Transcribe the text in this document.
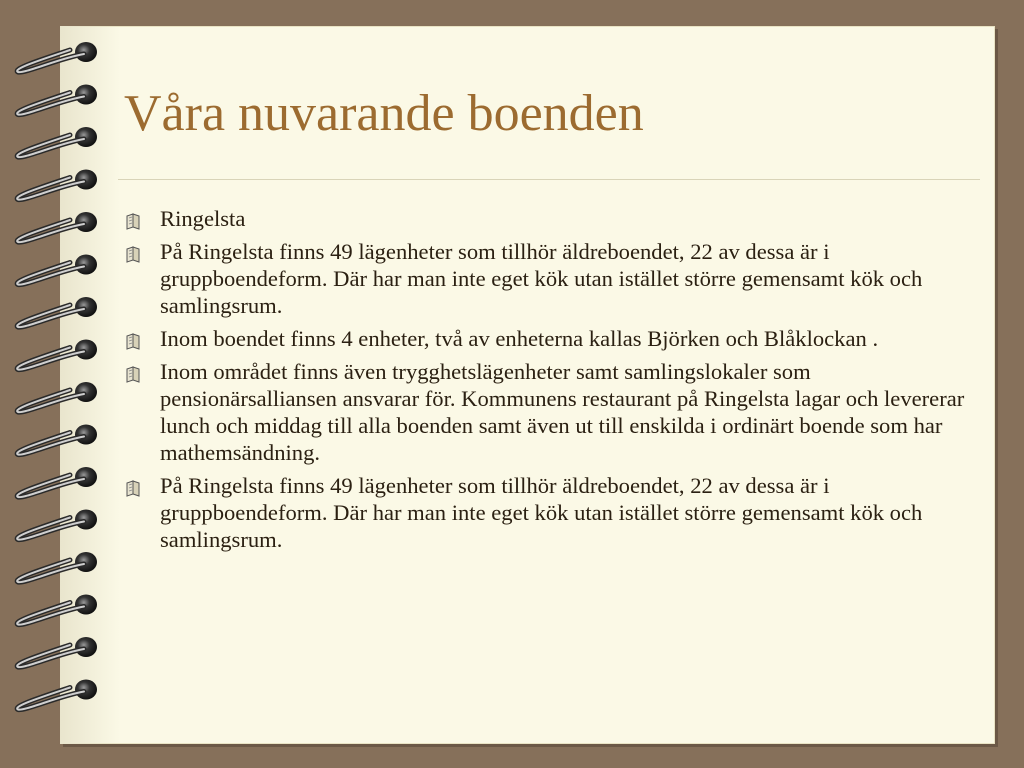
Våra nuvarande boenden
Ringelsta
På Ringelsta finns 49 lägenheter som tillhör äldreboendet, 22 av dessa är i gruppboendeform. Där har man inte eget kök utan istället större gemensamt kök och samlingsrum.
Inom boendet finns 4 enheter, två av enheterna kallas Björken och Blåklockan .
Inom området finns även trygghetslägenheter samt samlingslokaler som pensionärsalliansen ansvarar för. Kommunens restaurant på Ringelsta lagar och levererar lunch och middag till alla boenden samt även ut till enskilda i ordinärt boende som har mathemsändning.
På Ringelsta finns 49 lägenheter som tillhör äldreboendet, 22 av dessa är i gruppboendeform. Där har man inte eget kök utan istället större gemensamt kök och samlingsrum.
